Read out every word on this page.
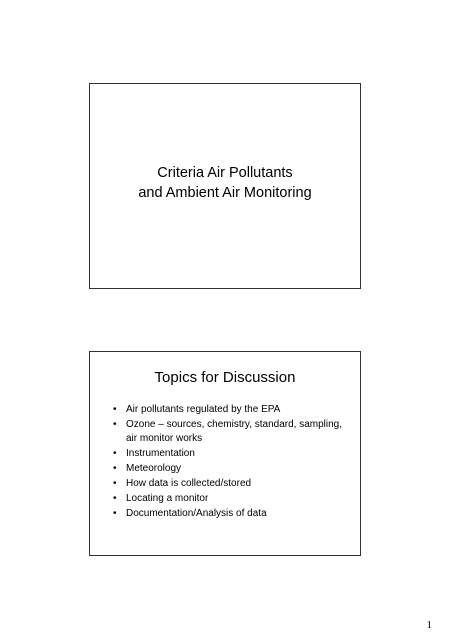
Criteria Air Pollutants
and Ambient Air Monitoring
Topics for Discussion
• Air pollutants regulated by the EPA
• Ozone – sources, chemistry, standard, sampling, air monitor works
• Instrumentation
• Meteorology
• How data is collected/stored
• Locating a monitor
• Documentation/Analysis of data
1
